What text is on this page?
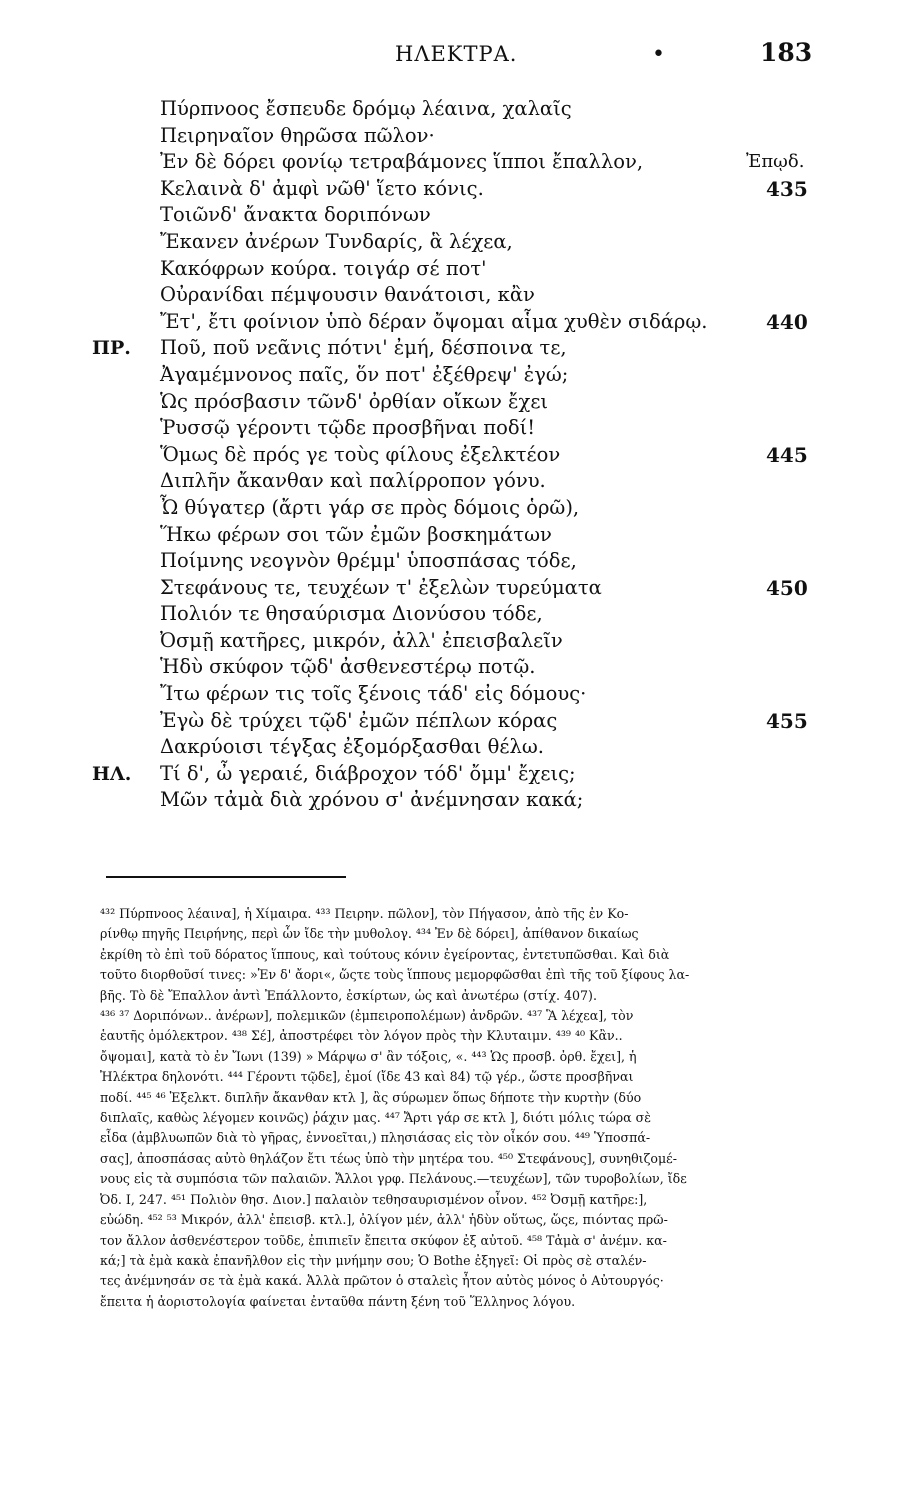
ΗΛΕΚΤΡΑ.	•	183
Πύρπνοος ἔσπευδε δρόμῳ λέαινα, χαλαῖς
Πειρηναῖον θηρῶσα πῶλον·
Ἐν δὲ δόρει φονίῳ τετραβάμονες ἵπποι ἔπαλλον,	Ἐπῳδ.
Κελαινὰ δ' ἀμφὶ νῶθ' ἵετο κόνις.	435
Τοιῶνδ' ἄνακτα δοριπόνων
Ἔκανεν ἀνέρων Τυνδαρίς, ἃ λέχεα,
Κακόφρων κούρα. τοιγάρ σέ ποτ'
Οὐρανίδαι πέμψουσιν θανάτοισι, κἂν
Ἔτ', ἔτι φοίνιον ὑπὸ δέραν ὄψομαι αἷμα χυθὲν σιδάρῳ.	440
ΠΡ. Ποῦ, ποῦ νεᾶνις πότνι' ἐμή, δέσποινα τε,
Ἀγαμέμνονος παῖς, ὅν ποτ' ἐξέθρεψ' ἐγώ;
Ὡς πρόσβασιν τῶνδ' ὀρθίαν οἴκων ἔχει
Ῥυσσῷ γέροντι τῷδε προσβῆναι ποδί!
Ὅμως δὲ πρός γε τοὺς φίλους ἐξελκτέον	445
Διπλῆν ἄκανθαν καὶ παλίρροπον γόνυ.
Ὦ θύγατερ (ἄρτι γάρ σε πρὸς δόμοις ὁρῶ),
Ἥκω φέρων σοι τῶν ἐμῶν βοσκημάτων
Ποίμνης νεογνὸν θρέμμ' ὑποσπάσας τόδε,
Στεφάνους τε, τευχέων τ' ἐξελὼν τυρεύματα	450
Πολιόν τε θησαύρισμα Διονύσου τόδε,
Ὀσμῇ κατῆρες, μικρόν, ἀλλ' ἐπεισβαλεῖν
Ἡδὺ σκύφον τῷδ' ἀσθενεστέρῳ ποτῷ.
Ἴτω φέρων τις τοῖς ξένοις τάδ' εἰς δόμους·
Ἐγὼ δὲ τρύχει τῷδ' ἐμῶν πέπλων κόρας	455
Δακρύοισι τέγξας ἐξομόρξασθαι θέλω.
ΗΛ. Τί δ', ὦ γεραιέ, διάβροχον τόδ' ὄμμ' ἔχεις;
Μῶν τἀμὰ διὰ χρόνου σ' ἀνέμνησαν κακά;
⁴³² Πύρπνοος λέαινα], ἡ Χίμαιρα. ⁴³³ Πειρην. πῶλον], τὸν Πήγασον, ἀπὸ τῆς ἐν Κο-
ρίνθῳ πηγῆς Πειρήνης, περὶ ὧν ἴδε τὴν μυθολογ. ⁴³⁴ Ἐν δὲ δόρει], ἀπίθανον δικαίως
ἐκρίθη τὸ ἐπὶ τοῦ δόρατος ἵππους, καὶ τούτους κόνιν ἐγείροντας, ἐντετυπῶσθαι. Καὶ διὰ
τοῦτο διορθοῦσί τινες: »Ἐν δ' ἄορι«, ὥςτε τοὺς ἵππους μεμορφῶσθαι ἐπὶ τῆς τοῦ ξίφους λα-
βῆς. Τὸ δὲ Ἔπαλλον ἀντὶ Ἐπάλλοντο, ἐσκίρτων, ὡς καὶ ἀνωτέρω (στίχ. 407).
⁴³⁶ ³⁷ Δοριπόνων.. ἀνέρων], πολεμικῶν (ἐμπειροπολέμων) ἀνδρῶν. ⁴³⁷ Ἃ λέχεα], τὸν
ἑαυτῆς ὁμόλεκτρον. ⁴³⁸ Σέ], ἀποστρέφει τὸν λόγον πρὸς τὴν Κλυταιμν. ⁴³⁹ ⁴⁰ Κἂν..
ὄψομαι], κατὰ τὸ ἐν Ἴωνι (139) » Μάρψω σ' ἂν τόξοις, «. ⁴⁴³ Ὡς προσβ. ὀρθ. ἔχει], ἡ
Ἠλέκτρα δηλονότι. ⁴⁴⁴ Γέροντι τῷδε], ἐμοί (ἴδε 43 καὶ 84) τῷ γέρ., ὥστε προσβῆναι
ποδί. ⁴⁴⁵ ⁴⁶ Ἐξελκτ. διπλῆν ἄκανθαν κτλ ], ἂς σύρωμεν ὅπως δήποτε τὴν κυρτὴν (δύο
διπλαῖς, καθὼς λέγομεν κοινῶς) ῥάχιν μας. ⁴⁴⁷ Ἄρτι γάρ σε κτλ ], διότι μόλις τώρα σὲ
εἶδα (ἀμβλυωπῶν διὰ τὸ γῆρας, ἐννοεῖται,) πλησιάσας εἰς τὸν οἶκόν σου. ⁴⁴⁹ Ὑποσπά-
σας], ἀποσπάσας αὐτὸ θηλάζον ἔτι τέως ὑπὸ τὴν μητέρα του. ⁴⁵⁰ Στεφάνους], συνηθιζομέ-
νους εἰς τὰ συμπόσια τῶν παλαιῶν. Ἄλλοι γρφ. Πελάνους.—τευχέων], τῶν τυροβολίων, ἴδε
Ὀδ. Ι, 247. ⁴⁵¹ Πολιὸν θησ. Διον.] παλαιὸν τεθησαυρισμένον οἶνον. ⁴⁵² Ὀσμῇ κατῆρε:],
εὐώδη. ⁴⁵² ⁵³ Μικρόν, ἀλλ' ἐπεισβ. κτλ.], ὀλίγον μέν, ἀλλ' ἡδὺν οὕτως, ὥςε, πιόντας πρῶ-
τον ἄλλον ἀσθενέστερον τοῦδε, ἐπιπιεῖν ἔπειτα σκύφον ἐξ αὐτοῦ. ⁴⁵⁸ Τἀμὰ σ' ἀνέμν. κα-
κά;] τὰ ἐμὰ κακὰ ἐπανῆλθον εἰς τὴν μνήμην σου; Ὁ Bothe ἐξηγεῖ: Οἱ πρὸς σὲ σταλέν-
τες ἀνέμνησάν σε τὰ ἐμὰ κακά. Ἀλλὰ πρῶτον ὁ σταλεὶς ἦτον αὐτὸς μόνος ὁ Αὐτουργός·
ἔπειτα ἡ ἀοριστολογία φαίνεται ἐνταῦθα πάντη ξένη τοῦ Ἕλληνος λόγου.
